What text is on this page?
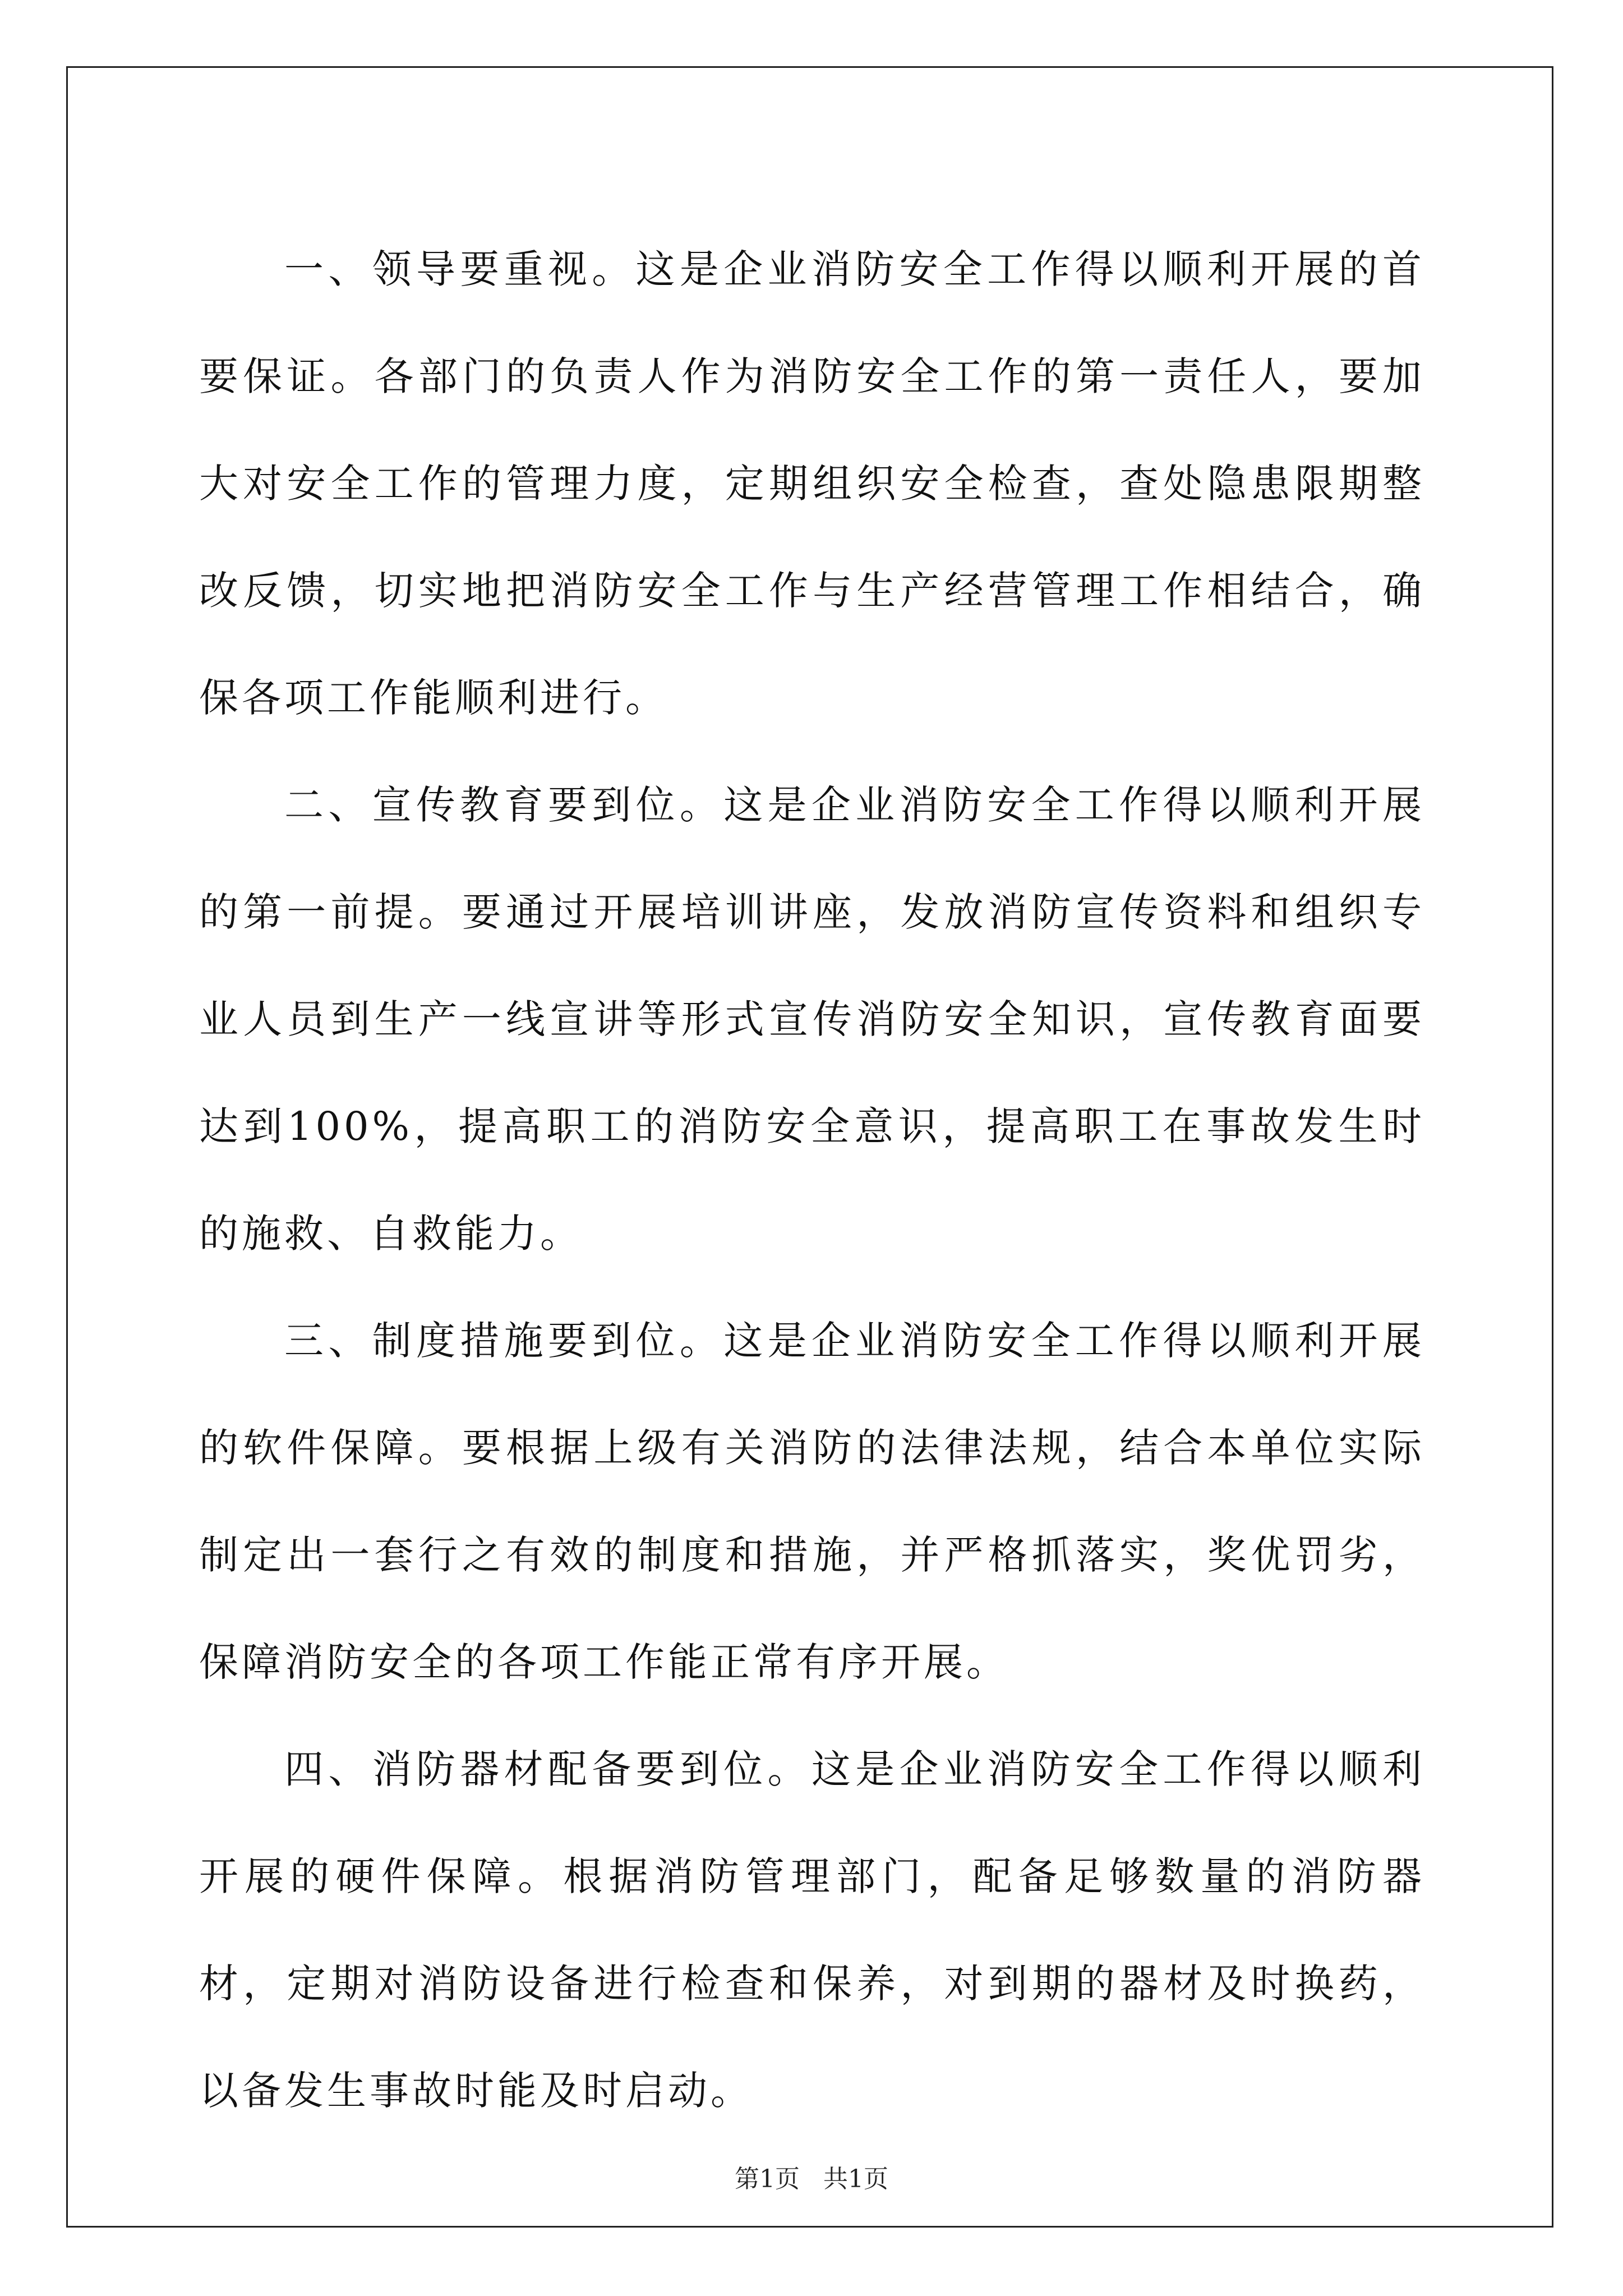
一、领导要重视。这是企业消防安全工作得以顺利开展的首要保证。各部门的负责人作为消防安全工作的第一责任人，要加大对安全工作的管理力度，定期组织安全检查，查处隐患限期整改反馈，切实地把消防安全工作与生产经营管理工作相结合，确保各项工作能顺利进行。

二、宣传教育要到位。这是企业消防安全工作得以顺利开展的第一前提。要通过开展培训讲座，发放消防宣传资料和组织专业人员到生产一线宣讲等形式宣传消防安全知识，宣传教育面要达到100%，提高职工的消防安全意识，提高职工在事故发生时的施救、自救能力。

三、制度措施要到位。这是企业消防安全工作得以顺利开展的软件保障。要根据上级有关消防的法律法规，结合本单位实际制定出一套行之有效的制度和措施，并严格抓落实，奖优罚劣，保障消防安全的各项工作能正常有序开展。

四、消防器材配备要到位。这是企业消防安全工作得以顺利开展的硬件保障。根据消防管理部门，配备足够数量的消防器材，定期对消防设备进行检查和保养，对到期的器材及时换药，以备发生事故时能及时启动。

第1页 共1页
